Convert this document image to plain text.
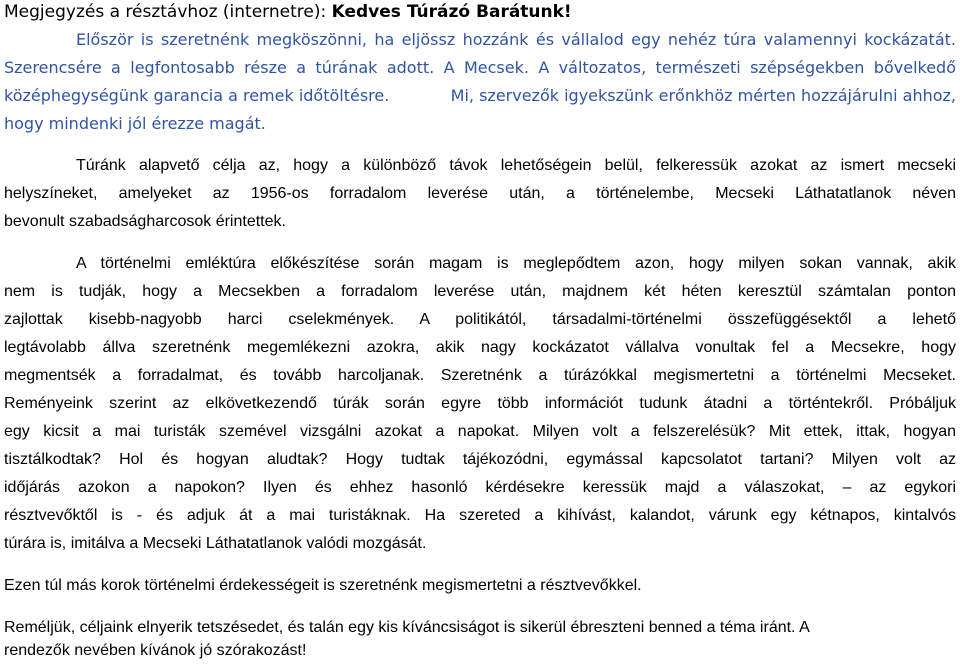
Megjegyzés a résztávhoz (internetre): Kedves Túrázó Barátunk!
Először is szeretnénk megköszönni, ha eljössz hozzánk és vállalod egy nehéz túra valamennyi kockázatát.
Szerencsére a legfontosabb része a túrának adott. A Mecsek. A változatos, természeti szépségekben bővelkedő
középhegységünk garancia a remek időtöltésre.	Mi, szervezők igyekszünk erőnkhöz mérten hozzájárulni ahhoz,
hogy mindenki jól érezze magát.
Túránk alapvető célja az, hogy a különböző távok lehetőségein belül, felkeressük azokat az ismert mecseki
helyszíneket, amelyeket az 1956-os forradalom leverése után, a történelembe, Mecseki Láthatatlanok néven
bevonult szabadságharcosok érintettek.
A történelmi emléktúra előkészítése során magam is meglepődtem azon, hogy milyen sokan vannak, akik
nem is tudják, hogy a Mecsekben a forradalom leverése után, majdnem két héten keresztül számtalan ponton
zajlottak kisebb-nagyobb harci cselekmények. A politikától, társadalmi-történelmi összefüggésektől a lehető
legtávolabb állva szeretnénk megemlékezni azokra, akik nagy kockázatot vállalva vonultak fel a Mecsekre, hogy
megmentsék a forradalmat, és tovább harcoljanak. Szeretnénk a túrázókkal megismertetni a történelmi Mecseket.
Reményeink szerint az elkövetkezendő túrák során egyre több információt tudunk átadni a történtekről. Próbáljuk
egy kicsit a mai turisták szemével vizsgálni azokat a napokat. Milyen volt a felszerelésük? Mit ettek, ittak, hogyan
tisztálkodtak? Hol és hogyan aludtak? Hogy tudtak tájékozódni, egymással kapcsolatot tartani? Milyen volt az
időjárás azokon a napokon? Ilyen és ehhez hasonló kérdésekre keressük majd a válaszokat, – az egykori
résztvevőktől is - és adjuk át a mai turistáknak. Ha szereted a kihívást, kalandot, várunk egy kétnapos, kintalvós
túrára is, imitálva a Mecseki Láthatatlanok valódi mozgását.
Ezen túl más korok történelmi érdekességeit is szeretnénk megismertetni a résztvevőkkel.
Reméljük, céljaink elnyerik tetszésedet, és talán egy kis kíváncsiságot is sikerül ébreszteni benned a téma iránt. A
rendezők nevében kívánok jó szórakozást!
